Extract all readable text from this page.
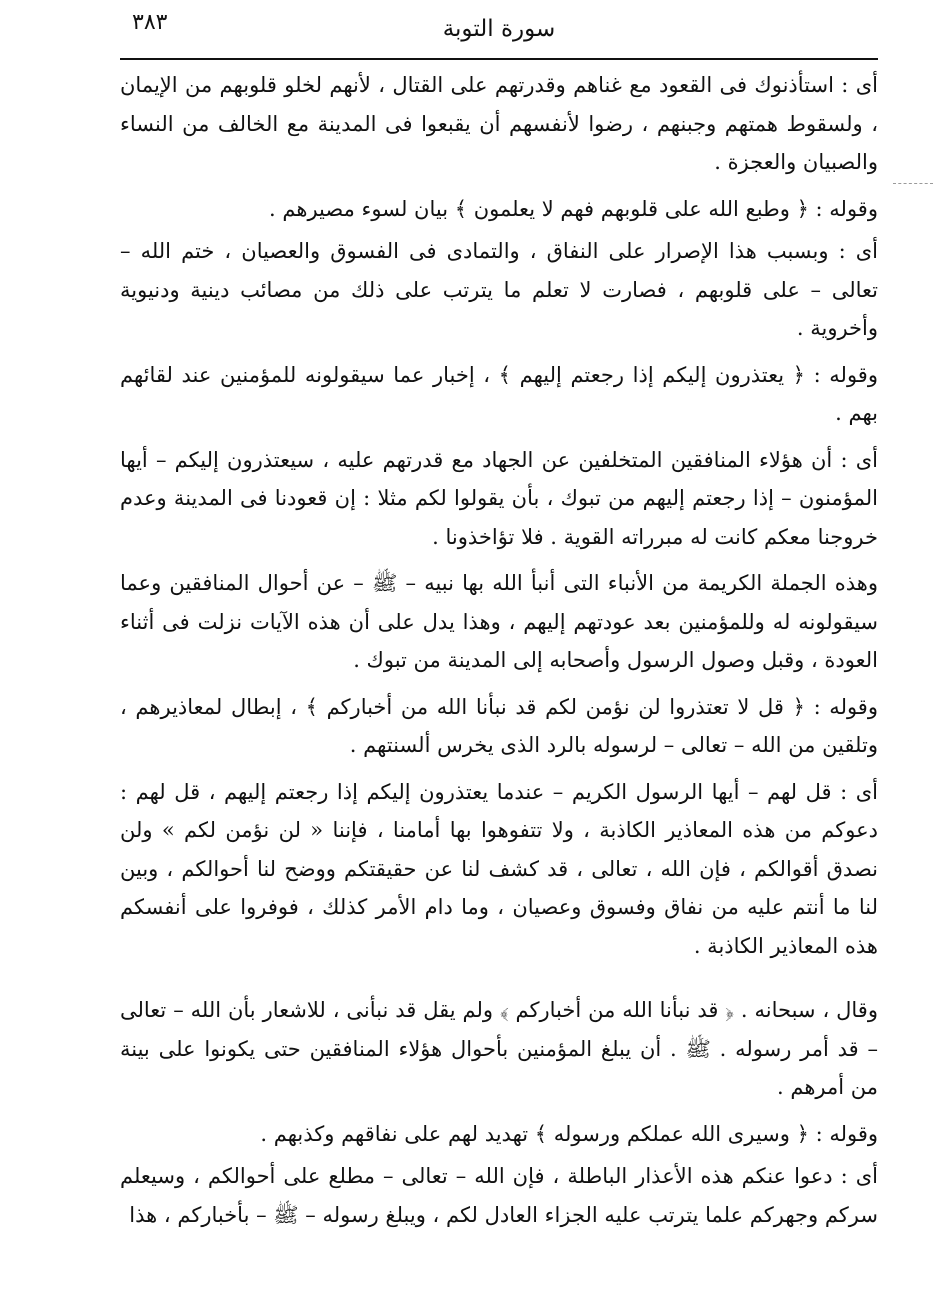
٣٨٣	سورة التوبة

أى : استأذنوك فى القعود مع غناهم وقدرتهم على القتال ، لأنهم لخلو قلوبهم من الإيمان ، ولسقوط همتهم وجبنهم ، رضوا لأنفسهم أن يقبعوا فى المدينة مع الخالف من النساء والصبيان والعجزة .

وقوله : ﴿ وطبع الله على قلوبهم فهم لا يعلمون ﴾ بيان لسوء مصيرهم .

أى : وبسبب هذا الإصرار على النفاق ، والتمادى فى الفسوق والعصيان ، ختم الله – تعالى – على قلوبهم ، فصارت لا تعلم ما يترتب على ذلك من مصائب دينية ودنيوية وأخروية .

وقوله : ﴿ يعتذرون إليكم إذا رجعتم إليهم ﴾ ، إخبار عما سيقولونه للمؤمنين عند لقائهم بهم .

أى : أن هؤلاء المنافقين المتخلفين عن الجهاد مع قدرتهم عليه ، سيعتذرون إليكم – أيها المؤمنون – إذا رجعتم إليهم من تبوك ، بأن يقولوا لكم مثلا : إن قعودنا فى المدينة وعدم خروجنا معكم كانت له مبرراته القوية . فلا تؤاخذونا .

وهذه الجملة الكريمة من الأنباء التى أنبأ الله بها نبيه – ﷺ – عن أحوال المنافقين وعما سيقولونه له وللمؤمنين بعد عودتهم إليهم ، وهذا يدل على أن هذه الآيات نزلت فى أثناء العودة ، وقبل وصول الرسول وأصحابه إلى المدينة من تبوك .

وقوله : ﴿ قل لا تعتذروا لن نؤمن لكم قد نبأنا الله من أخباركم ﴾ ، إبطال لمعاذيرهم ، وتلقين من الله – تعالى – لرسوله بالرد الذى يخرس ألسنتهم .

أى : قل لهم – أيها الرسول الكريم – عندما يعتذرون إليكم إذا رجعتم إليهم ، قل لهم : دعوكم من هذه المعاذير الكاذبة ، ولا تتفوهوا بها أمامنا ، فإننا « لن نؤمن لكم » ولن نصدق أقوالكم ، فإن الله ، تعالى ، قد كشف لنا عن حقيقتكم ووضح لنا أحوالكم ، وبين لنا ما أنتم عليه من نفاق وفسوق وعصيان ، وما دام الأمر كذلك ، فوفروا على أنفسكم هذه المعاذير الكاذبة .

وقال ، سبحانه . ﴿ قد نبأنا الله من أخباركم ﴾ ولم يقل قد نبأنى ، للاشعار بأن الله – تعالى – قد أمر رسوله . ﷺ . أن يبلغ المؤمنين بأحوال هؤلاء المنافقين حتى يكونوا على بينة من أمرهم .

وقوله : ﴿ وسيرى الله عملكم ورسوله ﴾ تهديد لهم على نفاقهم وكذبهم .

أى : دعوا عنكم هذه الأعذار الباطلة ، فإن الله – تعالى – مطلع على أحوالكم ، وسيعلم سركم وجهركم علما يترتب عليه الجزاء العادل لكم ، ويبلغ رسوله – ﷺ – بأخباركم ، هذا
